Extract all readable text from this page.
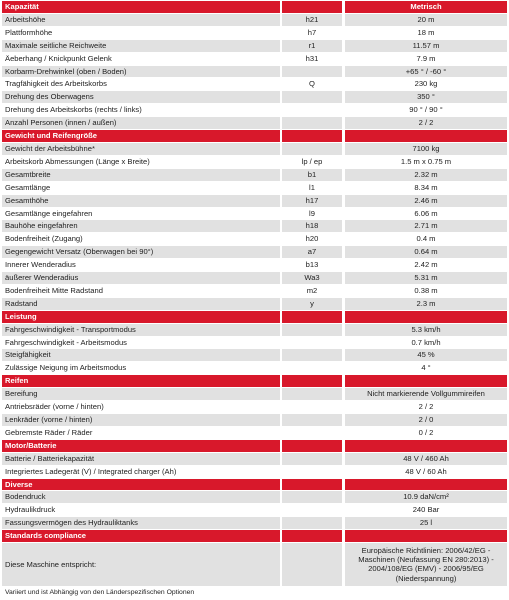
Kapazität				Metrisch
Arbeitshöhe		h21		20 m
Plattformhöhe		h7		18 m
Maximale seitliche Reichweite		r1		11.57 m
Äeberhang / Knickpunkt Gelenk		h31		7.9 m
Korbarm-Drehwinkel (oben / Boden)				+65 ° / -60 °
Tragfähigkeit des Arbeitskorbs		Q		230 kg
Drehung des Oberwagens				350 °
Drehung des Arbeitskorbs (rechts / links)				90 ° / 90 °
Anzahl Personen (innen / außen)				2 / 2
Gewicht und Reifengröße				
Gewicht der Arbeitsbühne*				7100 kg
Arbeitskorb Abmessungen (Länge x Breite)		lp / ep		1.5 m x 0.75 m
Gesamtbreite		b1		2.32 m
Gesamtlänge		l1		8.34 m
Gesamthöhe		h17		2.46 m
Gesamtlänge eingefahren		l9		6.06 m
Bauhöhe eingefahren		h18		2.71 m
Bodenfreiheit (Zugang)		h20		0.4 m
Gegengewicht Versatz (Oberwagen bei 90°)		a7		0.64 m
Innerer Wenderadius		b13		2.42 m
äußerer Wenderadius		Wa3		5.31 m
Bodenfreiheit Mitte Radstand		m2		0.38 m
Radstand		y		2.3 m
Leistung				
Fahrgeschwindigkeit - Transportmodus				5.3 km/h
Fahrgeschwindigkeit - Arbeitsmodus				0.7 km/h
Steigfähigkeit				45 %
Zulässige Neigung im Arbeitsmodus				4 °
Reifen				
Bereifung				Nicht markierende Vollgummireifen
Antriebsräder (vorne / hinten)				2 / 2
Lenkräder (vorne / hinten)				2 / 0
Gebremste Räder / Räder				0 / 2
Motor/Batterie				
Batterie / Batteriekapazität				48 V / 460 Ah
Integriertes Ladegerät (V) / Integrated charger (Ah)				48 V / 60 Ah
Diverse				
Bodendruck				10.9 daN/cm²
Hydraulikdruck				240 Bar
Fassungsvermögen des Hydrauliktanks				25 l
Standards compliance				
Diese Maschine entspricht:				Europäische Richtlinien: 2006/42/EG - Maschinen (Neufassung EN 280:2013) - 2004/108/EG (EMV) - 2006/95/EG (Niederspannung)
Variiert und ist Abhängig von den Länderspezifischen Optionen
